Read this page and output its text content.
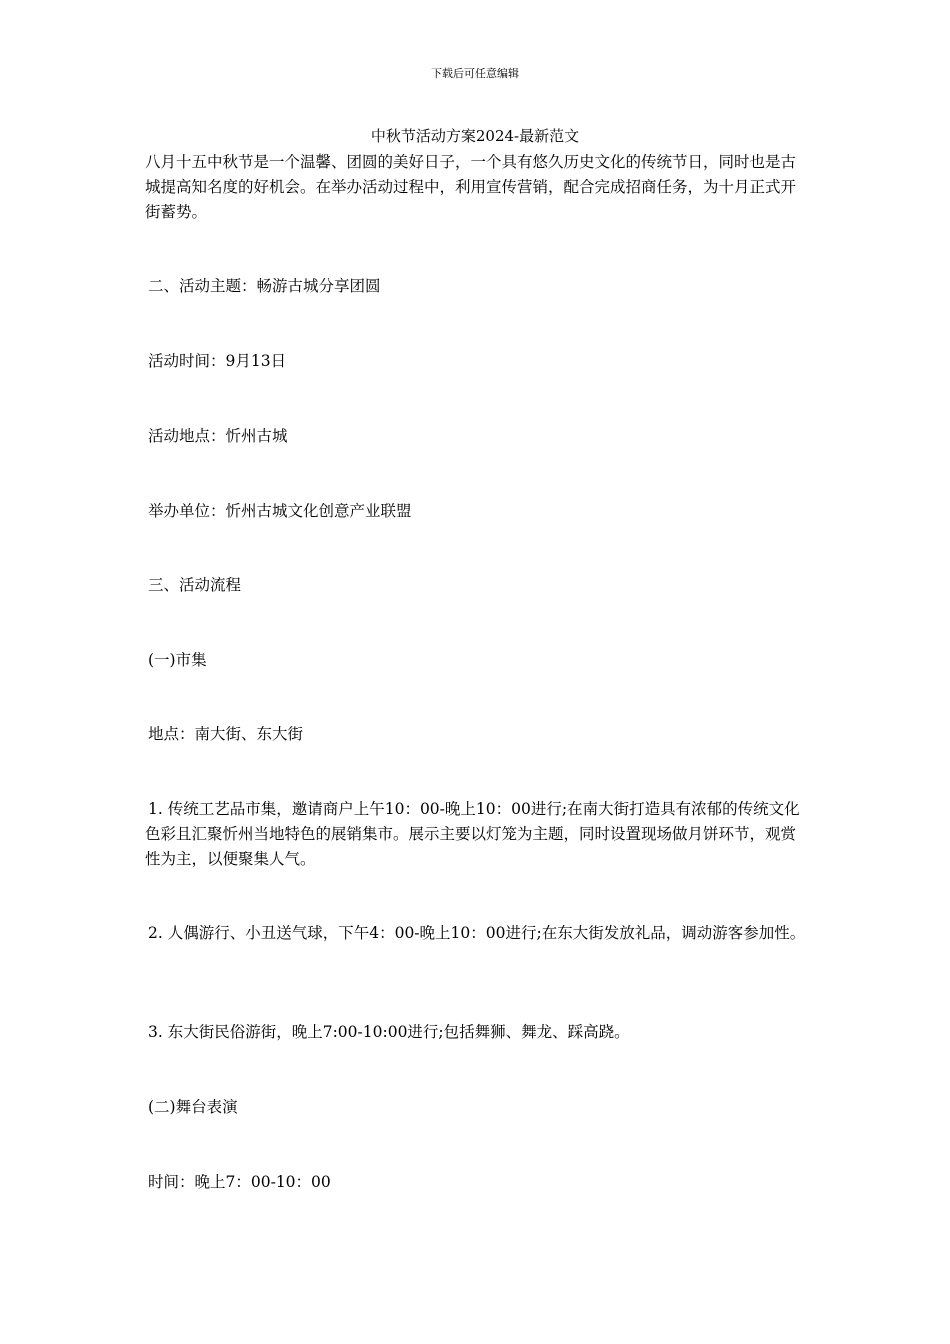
下载后可任意编辑
中秋节活动方案2024-最新范文
八月十五中秋节是一个温馨、团圆的美好日子，一个具有悠久历史文化的传统节日，同时也是古城提高知名度的好机会。在举办活动过程中，利用宣传营销，配合完成招商任务，为十月正式开街蓄势。
二、活动主题：畅游古城分享团圆
活动时间：9月13日
活动地点：忻州古城
举办单位：忻州古城文化创意产业联盟
三、活动流程
(一)市集
地点：南大街、东大街
1. 传统工艺品市集，邀请商户上午10：00-晚上10：00进行;在南大街打造具有浓郁的传统文化色彩且汇聚忻州当地特色的展销集市。展示主要以灯笼为主题，同时设置现场做月饼环节，观赏性为主，以便聚集人气。
2. 人偶游行、小丑送气球，下午4：00-晚上10：00进行;在东大街发放礼品，调动游客参加性。
3. 东大街民俗游街，晚上7:00-10:00进行;包括舞狮、舞龙、踩高跷。
(二)舞台表演
时间：晚上7：00-10：00
